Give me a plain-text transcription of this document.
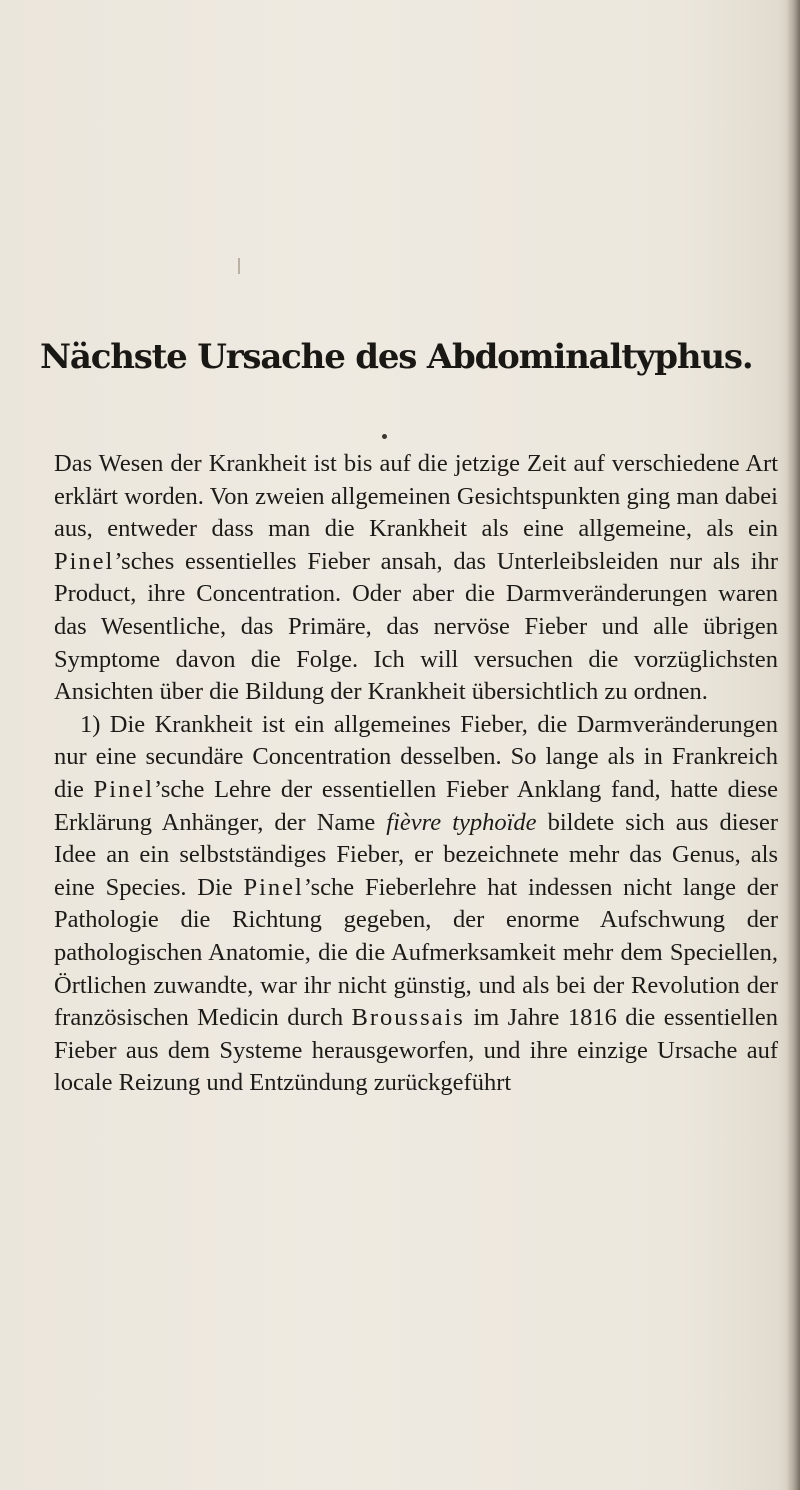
Nächste Ursache des Abdominaltyphus.

Das Wesen der Krankheit ist bis auf die jetzige Zeit auf verschiedene Art erklärt worden. Von zweien allgemeinen Gesichtspunkten ging man dabei aus, entweder dass man die Krankheit als eine allgemeine, als ein Pinel’sches essentielles Fieber ansah, das Unterleibsleiden nur als ihr Product, ihre Concentration. Oder aber die Darmveränderungen waren das Wesentliche, das Primäre, das nervöse Fieber und alle übrigen Symptome davon die Folge. Ich will versuchen die vorzüglichsten Ansichten über die Bildung der Krankheit übersichtlich zu ordnen.

1) Die Krankheit ist ein allgemeines Fieber, die Darmveränderungen nur eine secundäre Concentration desselben. So lange als in Frankreich die Pinel’sche Lehre der essentiellen Fieber Anklang fand, hatte diese Erklärung Anhänger, der Name fièvre typhoïde bildete sich aus dieser Idee an ein selbstständiges Fieber, er bezeichnete mehr das Genus, als eine Species. Die Pinel’sche Fieberlehre hat indessen nicht lange der Pathologie die Richtung gegeben, der enorme Aufschwung der pathologischen Anatomie, die die Aufmerksamkeit mehr dem Speciellen, Örtlichen zuwandte, war ihr nicht günstig, und als bei der Revolution der französischen Medicin durch Broussais im Jahre 1816 die essentiellen Fieber aus dem Systeme herausgeworfen, und ihre einzige Ursache auf locale Reizung und Entzündung zurückgeführt
